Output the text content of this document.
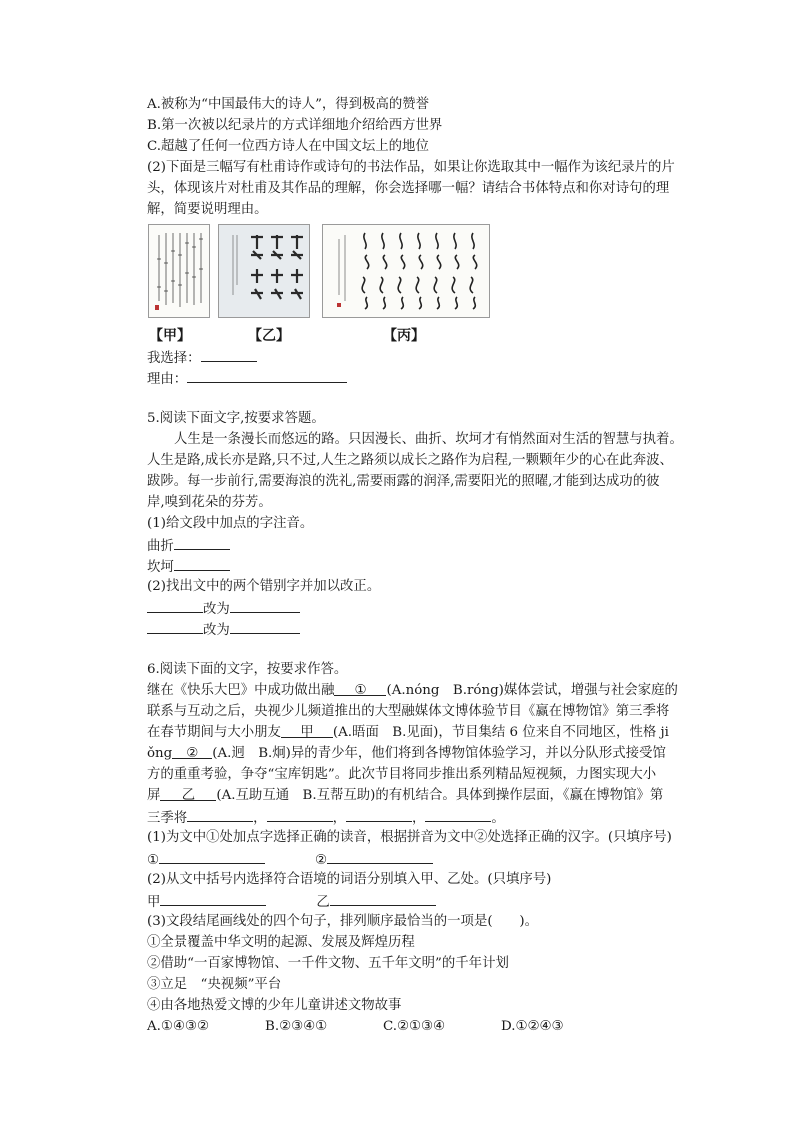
A.被称为“中国最伟大的诗人”，得到极高的赞誉
B.第一次被以纪录片的方式详细地介绍给西方世界
C.超越了任何一位西方诗人在中国文坛上的地位
(2)下面是三幅写有杜甫诗作或诗句的书法作品，如果让你选取其中一幅作为该纪录片的片
头，体现该片对杜甫及其作品的理解，你会选择哪一幅？请结合书体特点和你对诗句的理
解，简要说明理由。
【甲】	【乙】	【丙】
我选择：
理由：
5.阅读下面文字,按要求答题。
人生是一条漫长而悠远的路。只因漫长、曲折、坎坷才有悄然面对生活的智慧与执着。
人生是路,成长亦是路,只不过,人生之路须以成长之路作为启程,一颗颗年少的心在此奔波、
跋陟。每一步前行,需要海浪的洗礼,需要雨露的润泽,需要阳光的照曜,才能到达成功的彼
岸,嗅到花朵的芬芳。
(1)给文段中加点的字注音。
曲折
坎坷
(2)找出文中的两个错别字并加以改正。
改为
改为
6.阅读下面的文字，按要求作答。
继在《快乐大巴》中成功做出融 ① (A.nóng　B.róng)媒体尝试，增强与社会家庭的
联系与互动之后，央视少儿频道推出的大型融媒体文博体验节目《赢在博物馆》第三季将
在春节期间与大小朋友 甲 (A.晤面　B.见面)，节目集结 6 位来自不同地区，性格 ji
ǒng ② (A.迥　B.炯)异的青少年，他们将到各博物馆体验学习，并以分队形式接受馆
方的重重考验，争夺“宝库钥匙”。此次节目将同步推出系列精品短视频，力图实现大小
屏 乙 (A.互助互通　B.互帮互助)的有机结合。具体到操作层面，《赢在博物馆》第
三季将	，	，	，	。
(1)为文中①处加点字选择正确的读音，根据拼音为文中②处选择正确的汉字。(只填序号)
①	②
(2)从文中括号内选择符合语境的词语分别填入甲、乙处。(只填序号)
甲	乙
(3)文段结尾画线处的四个句子，排列顺序最恰当的一项是(　　)。
①全景覆盖中华文明的起源、发展及辉煌历程
②借助“一百家博物馆、一千件文物、五千年文明”的千年计划
③立足　“央视频”平台
④由各地热爱文博的少年儿童讲述文物故事
A.①④③②	B.②③④①	C.②①③④	D.①②④③
